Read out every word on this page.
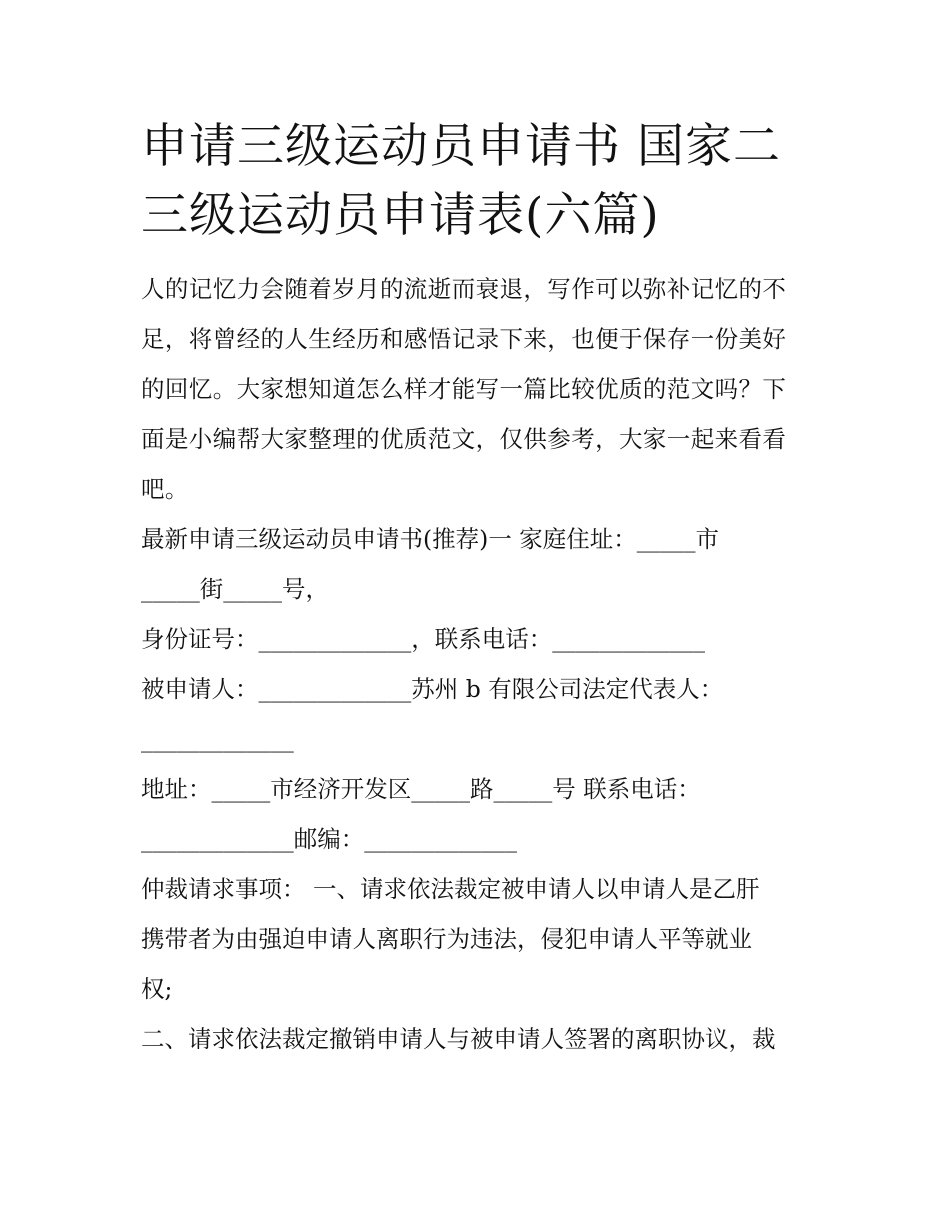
申请三级运动员申请书 国家二
三级运动员申请表(六篇)

人的记忆力会随着岁月的流逝而衰退，写作可以弥补记忆的不
足，将曾经的人生经历和感悟记录下来，也便于保存一份美好
的回忆。大家想知道怎么样才能写一篇比较优质的范文吗？下
面是小编帮大家整理的优质范文，仅供参考，大家一起来看看
吧。

最新申请三级运动员申请书(推荐)一 家庭住址：_____市
_____街_____号，
身份证号：_____________，联系电话：_____________
被申请人：_____________苏州 b 有限公司法定代表人：
_____________
地址：_____市经济开发区_____路_____号 联系电话：
_____________邮编：_____________
仲裁请求事项： 一、请求依法裁定被申请人以申请人是乙肝
携带者为由强迫申请人离职行为违法，侵犯申请人平等就业
权;
二、请求依法裁定撤销申请人与被申请人签署的离职协议，裁
